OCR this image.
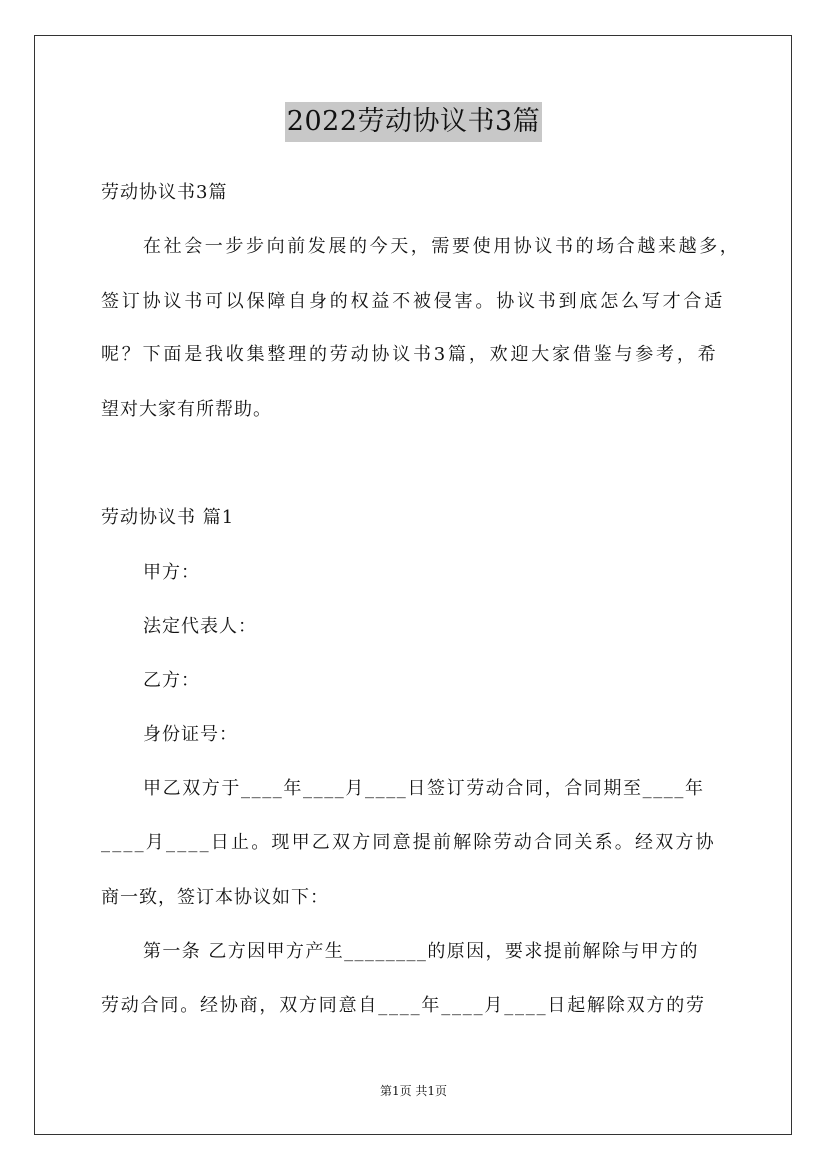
2022劳动协议书3篇
劳动协议书3篇
在社会一步步向前发展的今天，需要使用协议书的场合越来越多，
签订协议书可以保障自身的权益不被侵害。协议书到底怎么写才合适
呢？下面是我收集整理的劳动协议书3篇，欢迎大家借鉴与参考，希
望对大家有所帮助。
劳动协议书 篇1
甲方：
法定代表人：
乙方：
身份证号：
甲乙双方于____年____月____日签订劳动合同，合同期至____年
____月____日止。现甲乙双方同意提前解除劳动合同关系。经双方协
商一致，签订本协议如下：
第一条 乙方因甲方产生________的原因，要求提前解除与甲方的
劳动合同。经协商，双方同意自____年____月____日起解除双方的劳
第1页 共1页
